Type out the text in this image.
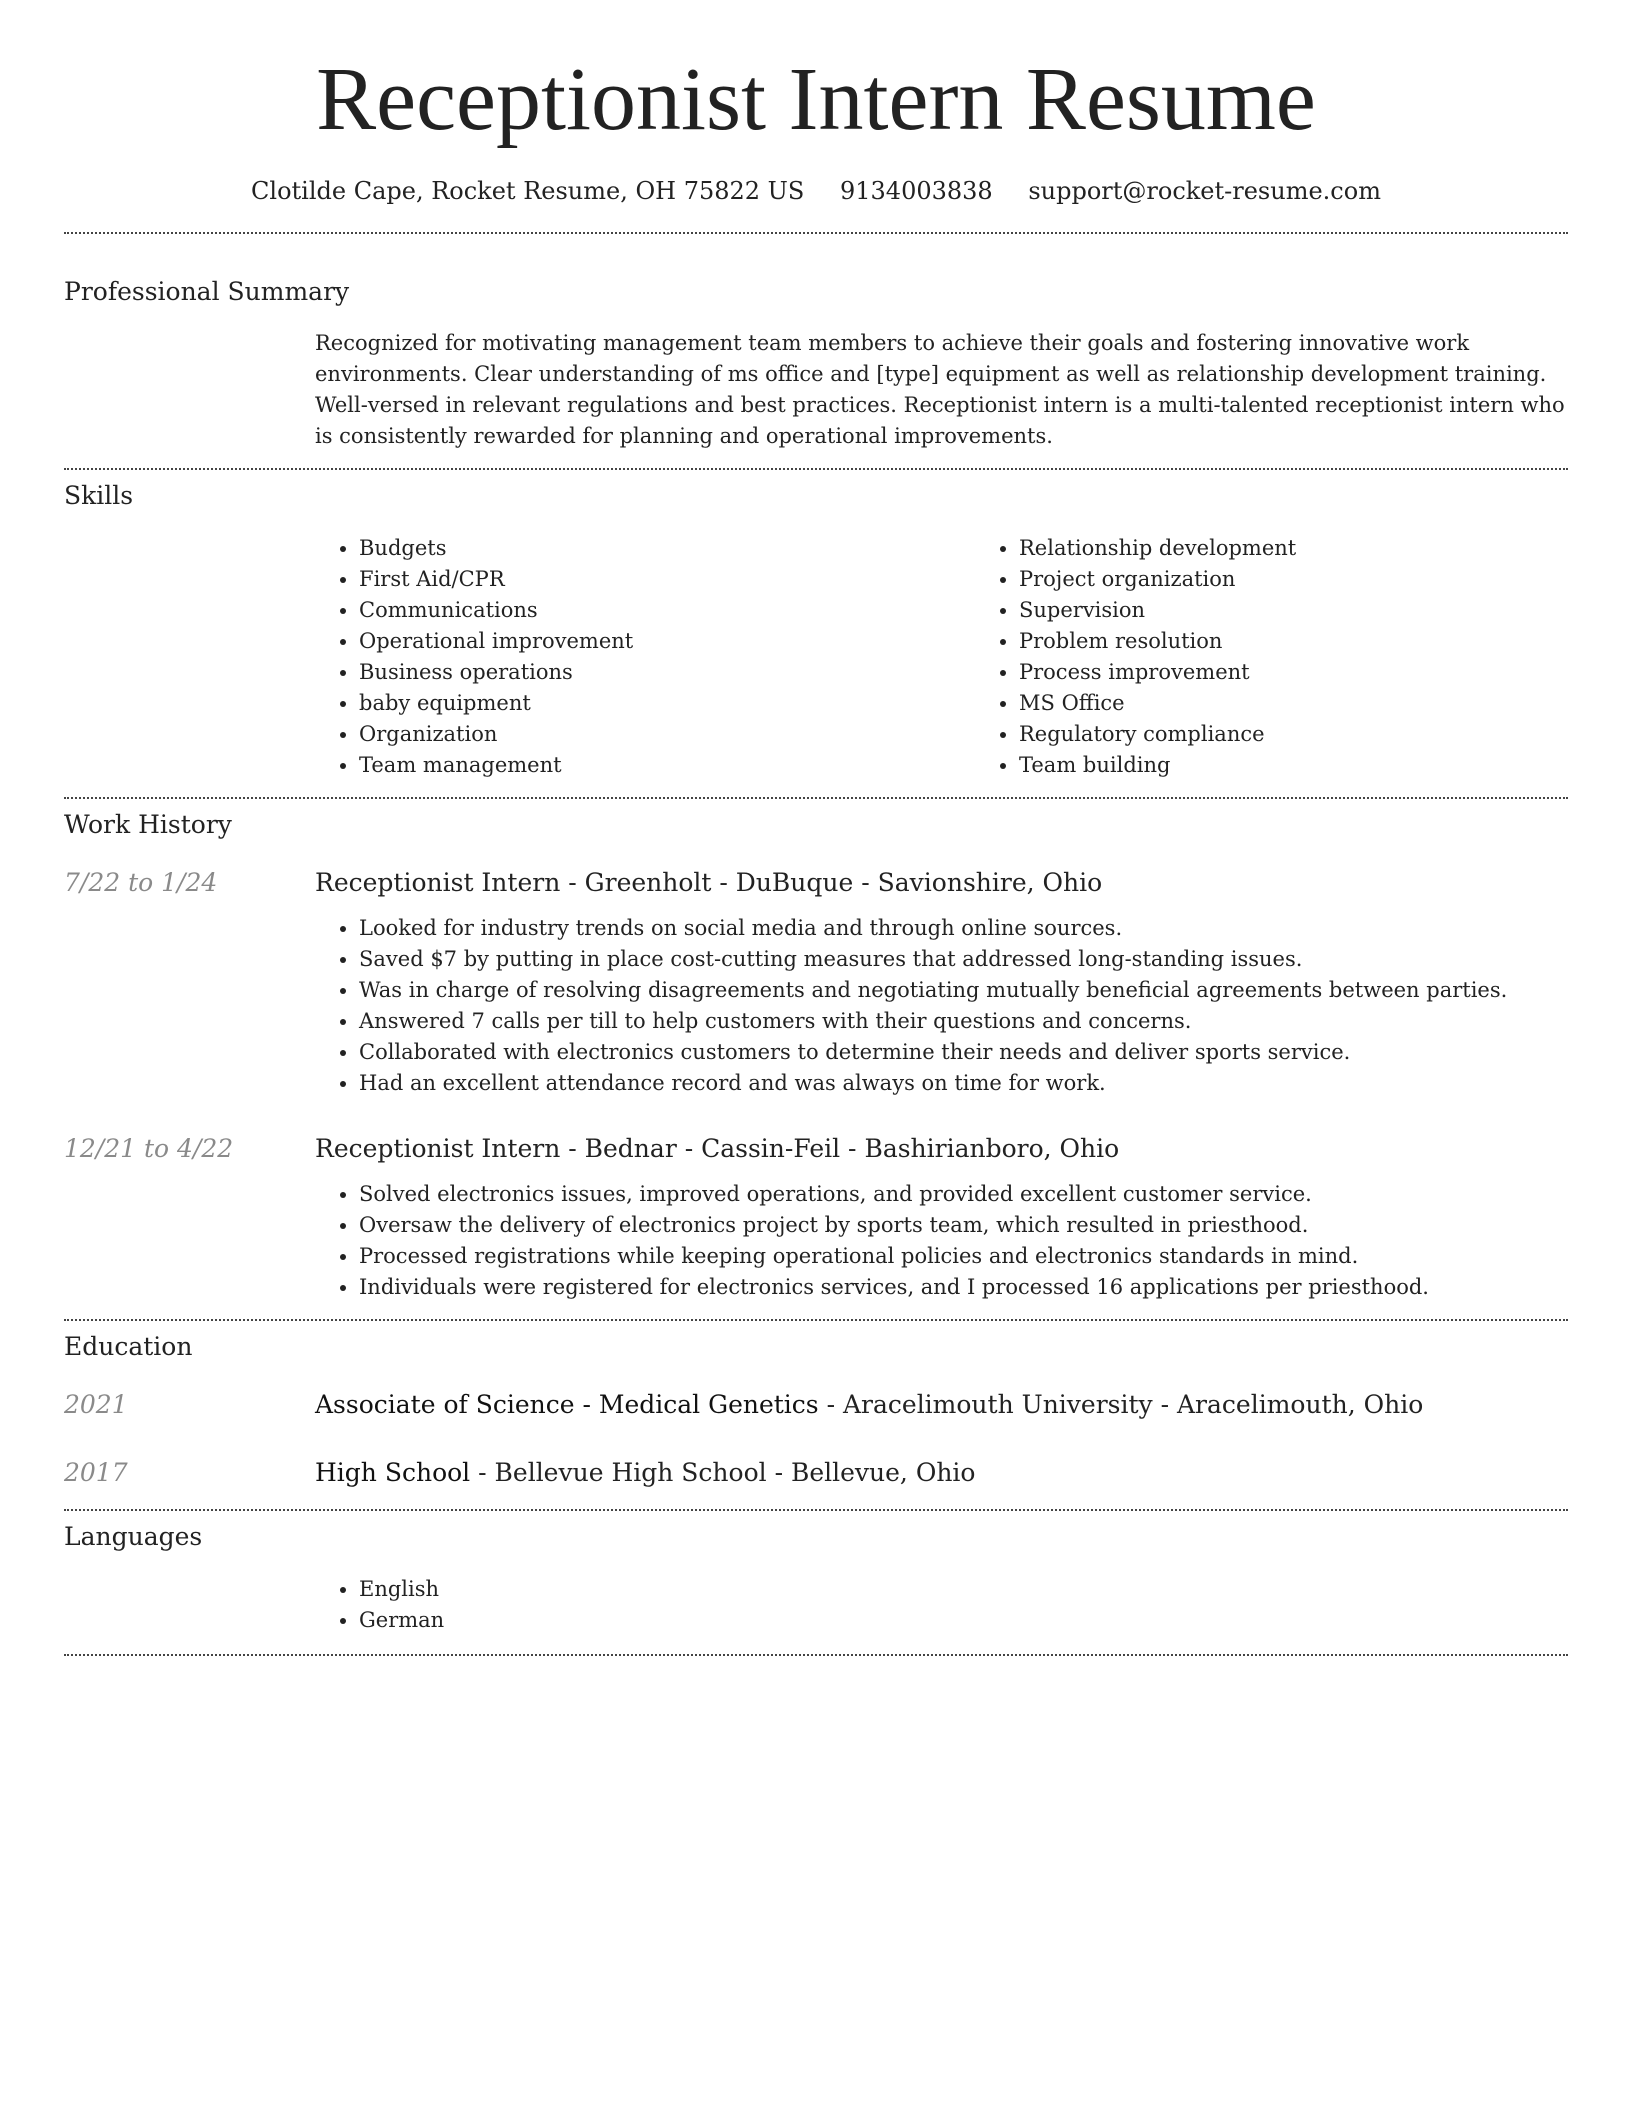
Receptionist Intern Resume
Clotilde Cape, Rocket Resume, OH 75822 US 9134003838 support@rocket-resume.com
Professional Summary

Recognized for motivating management team members to achieve their goals and fostering innovative work environments. Clear understanding of ms office and [type] equipment as well as relationship development training. Well-versed in relevant regulations and best practices. Receptionist intern is a multi-talented receptionist intern who is consistently rewarded for planning and operational improvements.

Skills
• Budgets
• First Aid/CPR
• Communications
• Operational improvement
• Business operations
• baby equipment
• Organization
• Team management
• Relationship development
• Project organization
• Supervision
• Problem resolution
• Process improvement
• MS Office
• Regulatory compliance
• Team building
Work History
7/22 to 1/24	Receptionist Intern - Greenholt - DuBuque - Savionshire, Ohio
• Looked for industry trends on social media and through online sources.
• Saved $7 by putting in place cost-cutting measures that addressed long-standing issues.
• Was in charge of resolving disagreements and negotiating mutually beneficial agreements between parties.
• Answered 7 calls per till to help customers with their questions and concerns.
• Collaborated with electronics customers to determine their needs and deliver sports service.
• Had an excellent attendance record and was always on time for work.
12/21 to 4/22	Receptionist Intern - Bednar - Cassin-Feil - Bashirianboro, Ohio
• Solved electronics issues, improved operations, and provided excellent customer service.
• Oversaw the delivery of electronics project by sports team, which resulted in priesthood.
• Processed registrations while keeping operational policies and electronics standards in mind.
• Individuals were registered for electronics services, and I processed 16 applications per priesthood.
Education
2021	Associate of Science - Medical Genetics - Aracelimouth University - Aracelimouth, Ohio
2017	High School - Bellevue High School - Bellevue, Ohio
Languages
• English
• German
